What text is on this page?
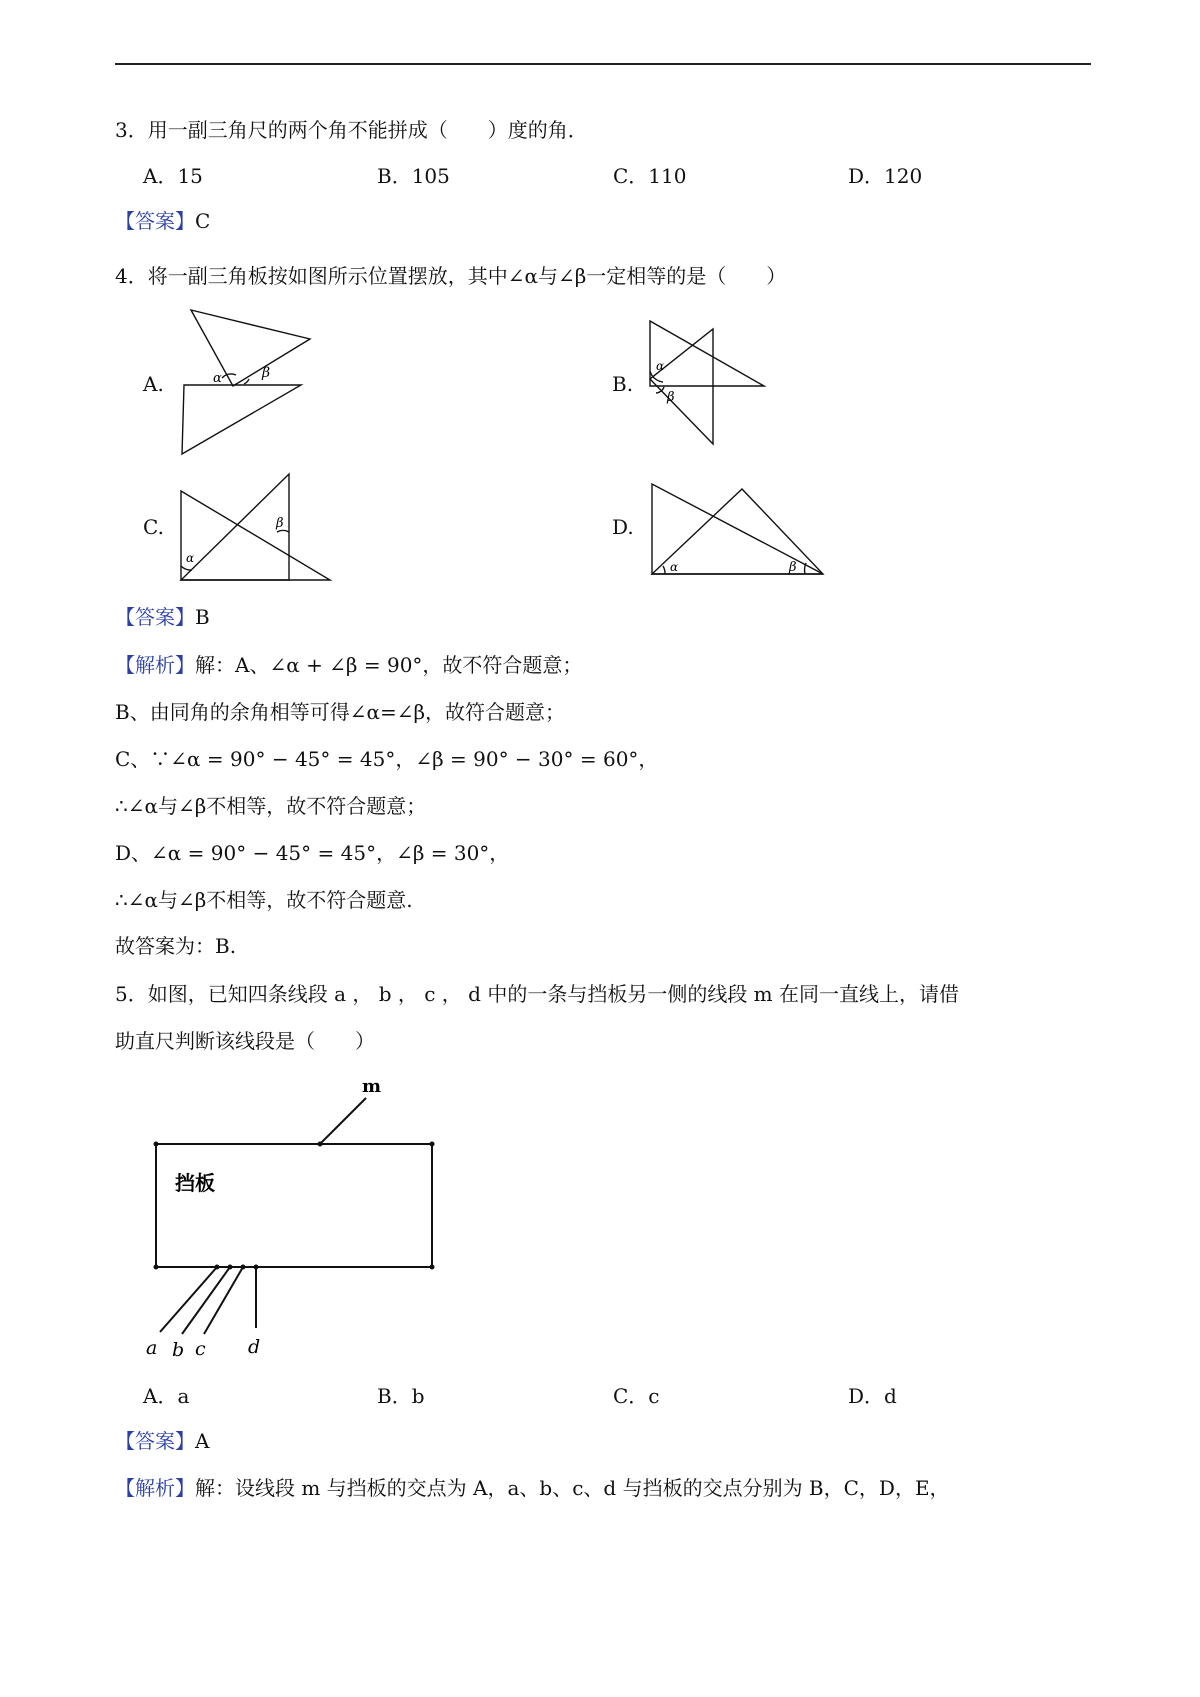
3．用一副三角尺的两个角不能拼成（　　）度的角．
A．15	B．105	C．110	D．120
【答案】C
4．将一副三角板按如图所示位置摆放，其中∠α与∠β一定相等的是（　　）
A.	B.
C.	D.
α	β	α
β
α
β
α	β
【答案】B
【解析】解：A、∠α + ∠β = 90°，故不符合题意；
B、由同角的余角相等可得∠α=∠β，故符合题意；
C、∵∠α = 90° − 45° = 45°，∠β = 90° − 30° = 60°，
∴∠α与∠β不相等，故不符合题意；
D、∠α = 90° − 45° = 45°，∠β = 30°，
∴∠α与∠β不相等，故不符合题意.
故答案为：B.
5．如图，已知四条线段 a ， b ， c ， d 中的一条与挡板另一侧的线段 m 在同一直线上，请借
助直尺判断该线段是（　　）
挡板
m
a b c d
A．a	B．b	C．c	D．d
【答案】A
【解析】解：设线段 m 与挡板的交点为 A，a、b、c、d 与挡板的交点分别为 B，C，D，E，
